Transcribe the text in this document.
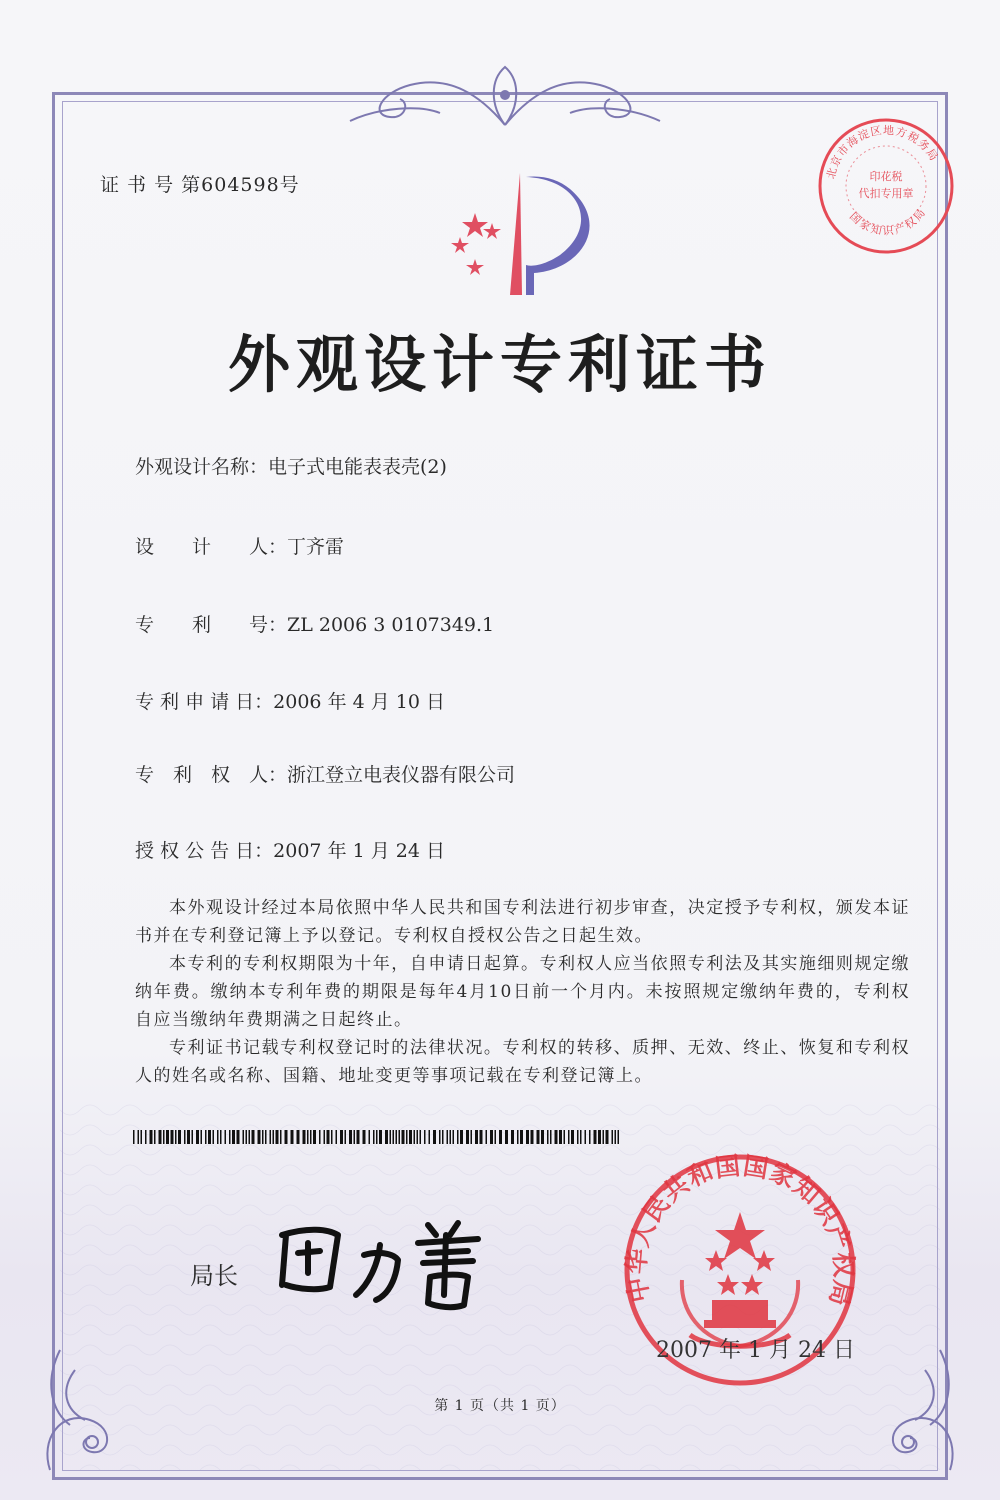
证 书 号 第604598号
北京市海淀区地方税务局
国家知识产权局
印花税
代扣专用章
外观设计专利证书
外观设计名称： 电子式电能表表壳(2)
设　　计　　人： 丁齐雷
专　　利　　号： ZL 2006 3 0107349.1
专 利 申 请 日： 2006 年 4 月 10 日
专　利　权　人： 浙江登立电表仪器有限公司
授 权 公 告 日： 2007 年 1 月 24 日

本外观设计经过本局依照中华人民共和国专利法进行初步审查，决定授予专利权，颁发本证书并在专利登记簿上予以登记。专利权自授权公告之日起生效。

本专利的专利权期限为十年，自申请日起算。专利权人应当依照专利法及其实施细则规定缴纳年费。缴纳本专利年费的期限是每年4月10日前一个月内。未按照规定缴纳年费的，专利权自应当缴纳年费期满之日起终止。

专利证书记载专利权登记时的法律状况。专利权的转移、质押、无效、终止、恢复和专利权人的姓名或名称、国籍、地址变更等事项记载在专利登记簿上。

局长	中华人民共和国国家知识产权局
2007 年 1 月 24 日
第 1 页（共 1 页）
